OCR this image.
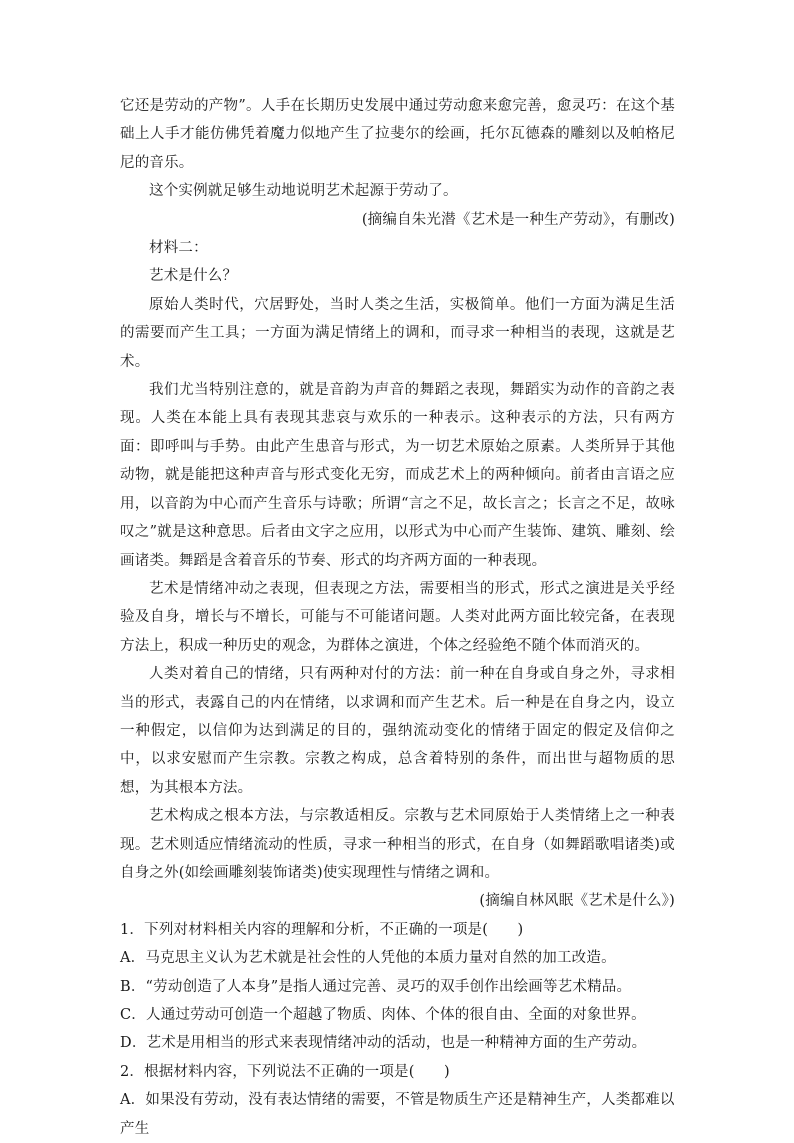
它还是劳动的产物”。人手在长期历史发展中通过劳动愈来愈完善，愈灵巧：在这个基础上人手才能仿佛凭着魔力似地产生了拉斐尔的绘画，托尔瓦德森的雕刻以及帕格尼尼的音乐。

这个实例就足够生动地说明艺术起源于劳动了。

(摘编自朱光潜《艺术是一种生产劳动》，有删改)

材料二：

艺术是什么？

原始人类时代，穴居野处，当时人类之生活，实极简单。他们一方面为满足生活的需要而产生工具；一方面为满足情绪上的调和，而寻求一种相当的表现，这就是艺术。

我们尤当特别注意的，就是音韵为声音的舞蹈之表现，舞蹈实为动作的音韵之表现。人类在本能上具有表现其悲哀与欢乐的一种表示。这种表示的方法，只有两方面：即呼叫与手势。由此产生患音与形式，为一切艺术原始之原素。人类所异于其他动物，就是能把这种声音与形式变化无穷，而成艺术上的两种倾向。前者由言语之应用，以音韵为中心而产生音乐与诗歌；所谓“言之不足，故长言之；长言之不足，故咏叹之”就是这种意思。后者由文字之应用，以形式为中心而产生装饰、建筑、雕刻、绘画诸类。舞蹈是含着音乐的节奏、形式的均齐两方面的一种表现。

艺术是情绪冲动之表现，但表现之方法，需要相当的形式，形式之演进是关乎经验及自身，增长与不增长，可能与不可能诸问题。人类对此两方面比较完备，在表现方法上，积成一种历史的观念，为群体之演进，个体之经验绝不随个体而消灭的。

人类对着自己的情绪，只有两种对付的方法：前一种在自身或自身之外，寻求相当的形式，表露自己的内在情绪，以求调和而产生艺术。后一种是在自身之内，设立一种假定，以信仰为达到满足的目的，强纳流动变化的情绪于固定的假定及信仰之中，以求安慰而产生宗教。宗教之构成，总含着特别的条件，而出世与超物质的思想，为其根本方法。

艺术构成之根本方法，与宗教适相反。宗教与艺术同原始于人类情绪上之一种表现。艺术则适应情绪流动的性质，寻求一种相当的形式，在自身（如舞蹈歌唱诸类)或自身之外(如绘画雕刻装饰诸类)使实现理性与情绪之调和。

(摘编自林风眠《艺术是什么》)

1．下列对材料相关内容的理解和分析，不正确的一项是(　　)

A．马克思主义认为艺术就是社会性的人凭他的本质力量对自然的加工改造。

B．“劳动创造了人本身”是指人通过完善、灵巧的双手创作出绘画等艺术精品。

C．人通过劳动可创造一个超越了物质、肉体、个体的很自由、全面的对象世界。

D．艺术是用相当的形式来表现情绪冲动的活动，也是一种精神方面的生产劳动。

2．根据材料内容，下列说法不正确的一项是(　　)

A．如果没有劳动，没有表达情绪的需要，不管是物质生产还是精神生产，人类都难以产生
